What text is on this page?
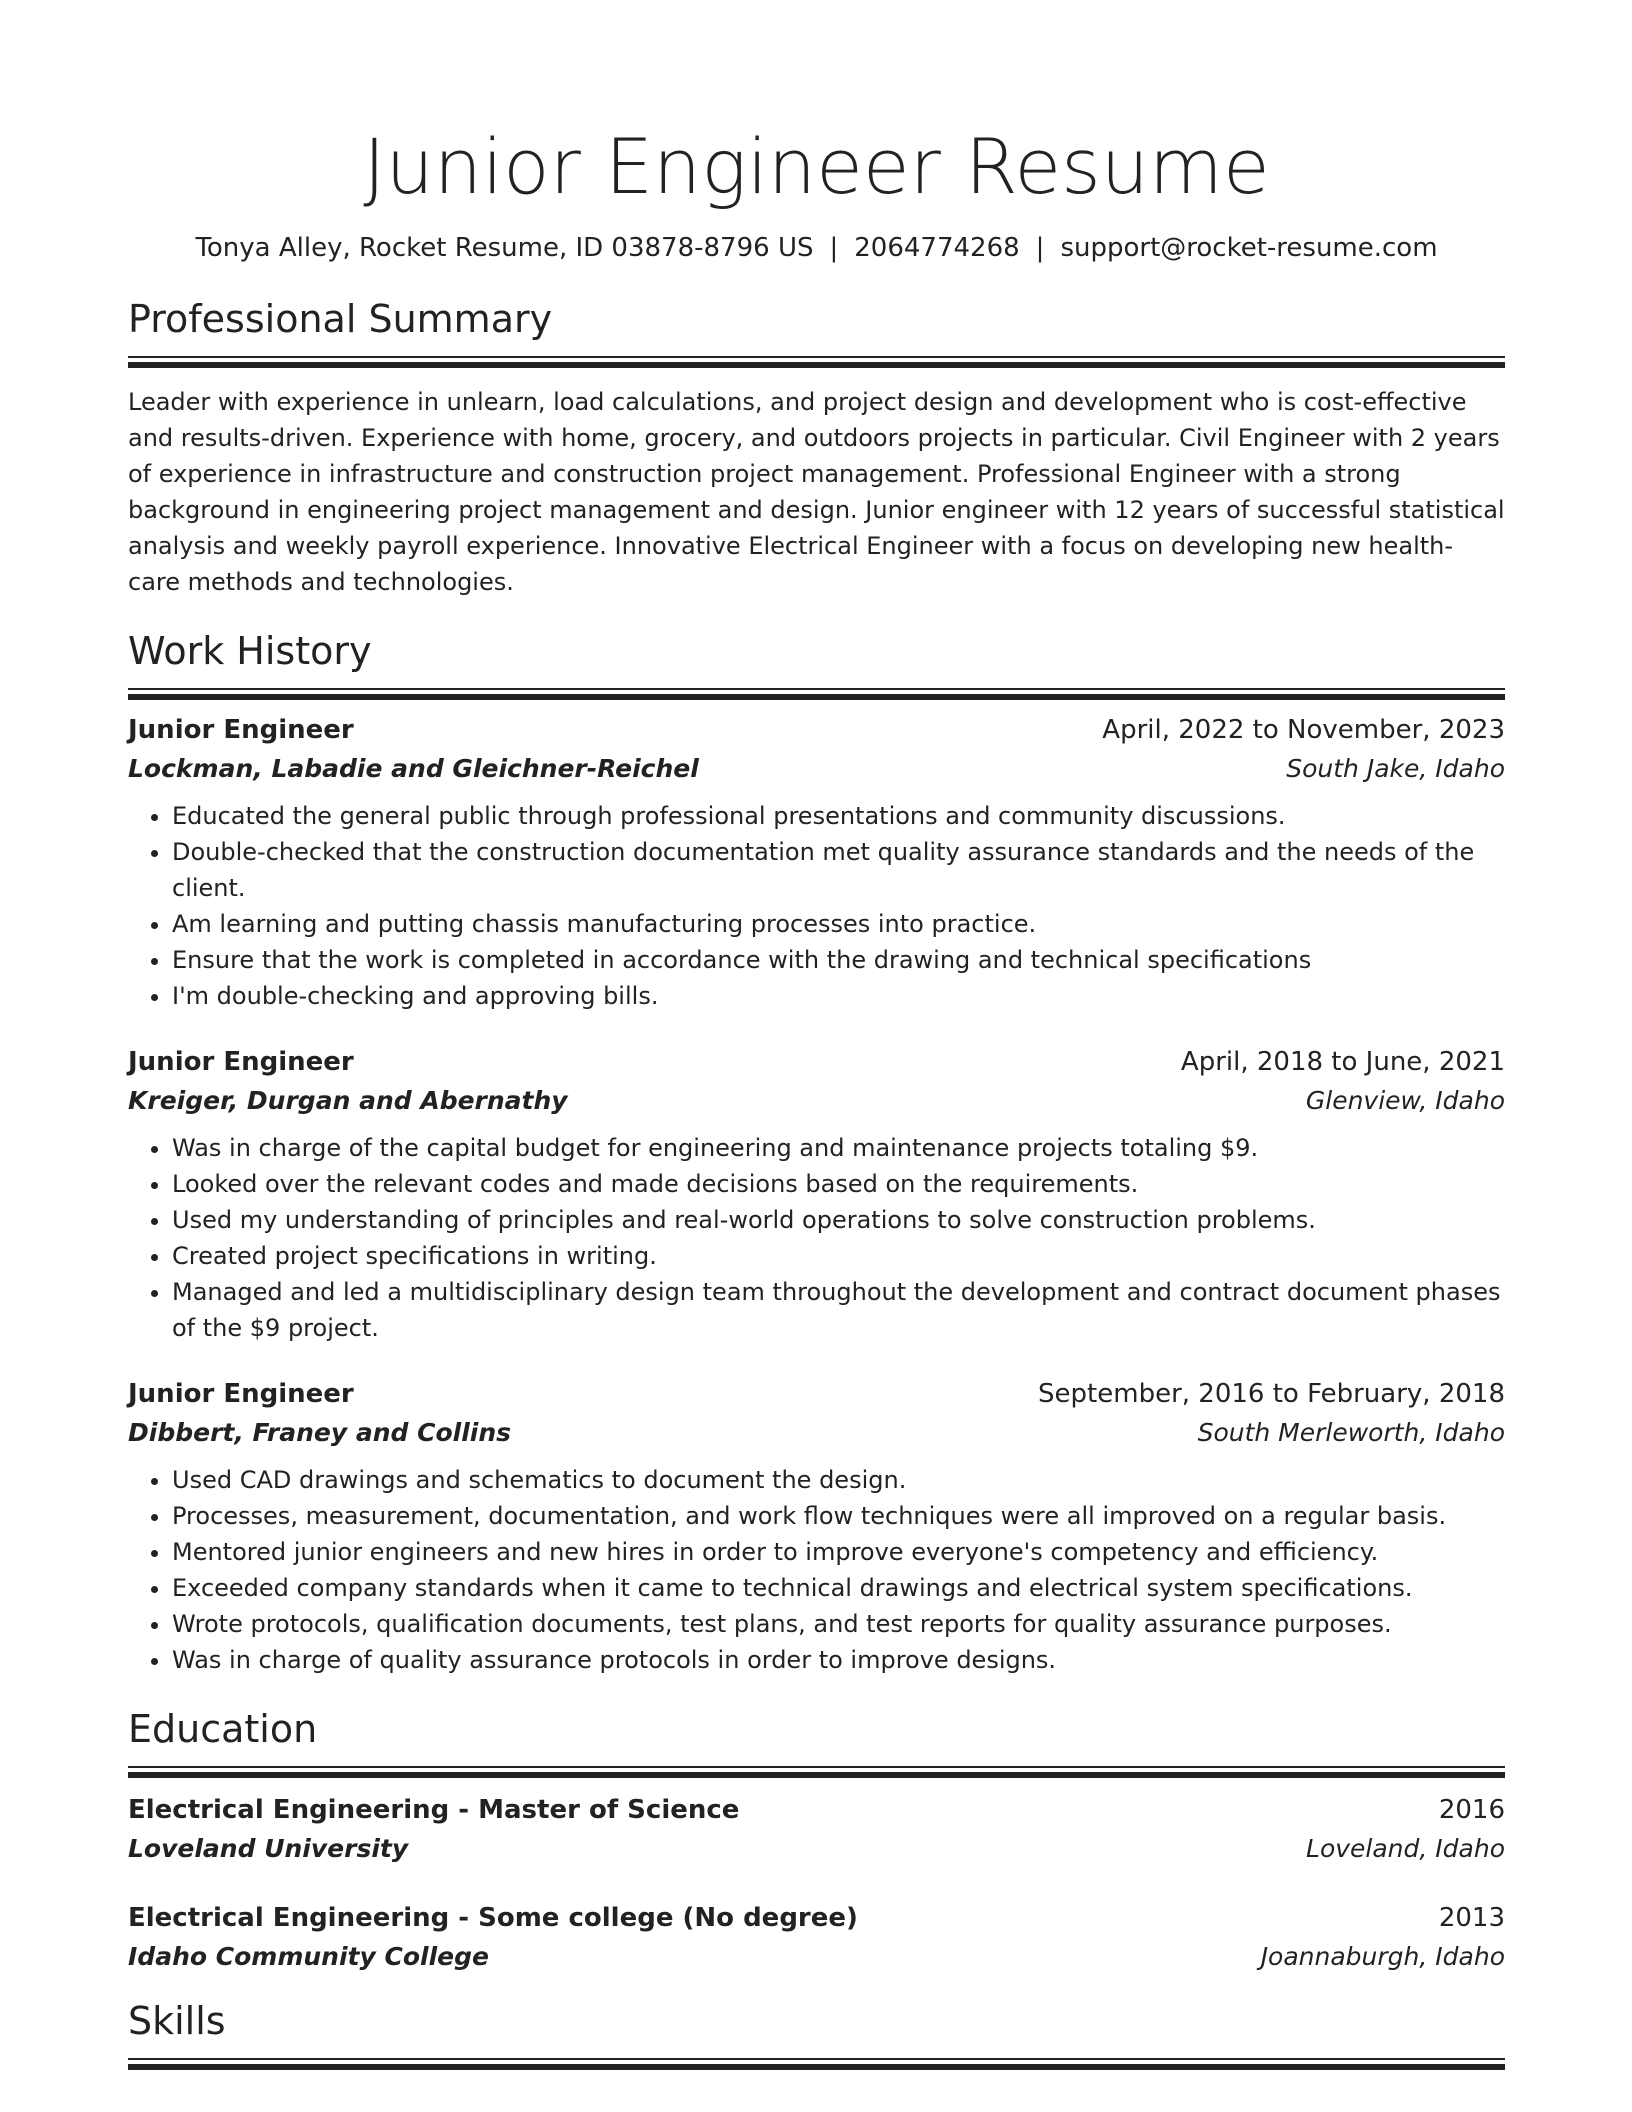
Junior Engineer Resume
Tonya Alley, Rocket Resume, ID 03878-8796 US | 2064774268 | support@rocket-resume.com
Professional Summary

Leader with experience in unlearn, load calculations, and project design and development who is cost-effective and results-driven. Experience with home, grocery, and outdoors projects in particular. Civil Engineer with 2 years of experience in infrastructure and construction project management. Professional Engineer with a strong background in engineering project management and design. Junior engineer with 12 years of successful statistical analysis and weekly payroll experience. Innovative Electrical Engineer with a focus on developing new health-care methods and technologies.

Work History
Junior Engineer	April, 2022 to November, 2023
Lockman, Labadie and Gleichner-Reichel	South Jake, Idaho
• Educated the general public through professional presentations and community discussions.
• Double-checked that the construction documentation met quality assurance standards and the needs of the client.
• Am learning and putting chassis manufacturing processes into practice.
• Ensure that the work is completed in accordance with the drawing and technical specifications
• I'm double-checking and approving bills.
Junior Engineer	April, 2018 to June, 2021
Kreiger, Durgan and Abernathy	Glenview, Idaho
• Was in charge of the capital budget for engineering and maintenance projects totaling $9.
• Looked over the relevant codes and made decisions based on the requirements.
• Used my understanding of principles and real-world operations to solve construction problems.
• Created project specifications in writing.
• Managed and led a multidisciplinary design team throughout the development and contract document phases of the $9 project.
Junior Engineer	September, 2016 to February, 2018
Dibbert, Franey and Collins	South Merleworth, Idaho
• Used CAD drawings and schematics to document the design.
• Processes, measurement, documentation, and work flow techniques were all improved on a regular basis.
• Mentored junior engineers and new hires in order to improve everyone's competency and efficiency.
• Exceeded company standards when it came to technical drawings and electrical system specifications.
• Wrote protocols, qualification documents, test plans, and test reports for quality assurance purposes.
• Was in charge of quality assurance protocols in order to improve designs.
Education
Electrical Engineering - Master of Science	2016
Loveland University	Loveland, Idaho
Electrical Engineering - Some college (No degree)	2013
Idaho Community College	Joannaburgh, Idaho
Skills
